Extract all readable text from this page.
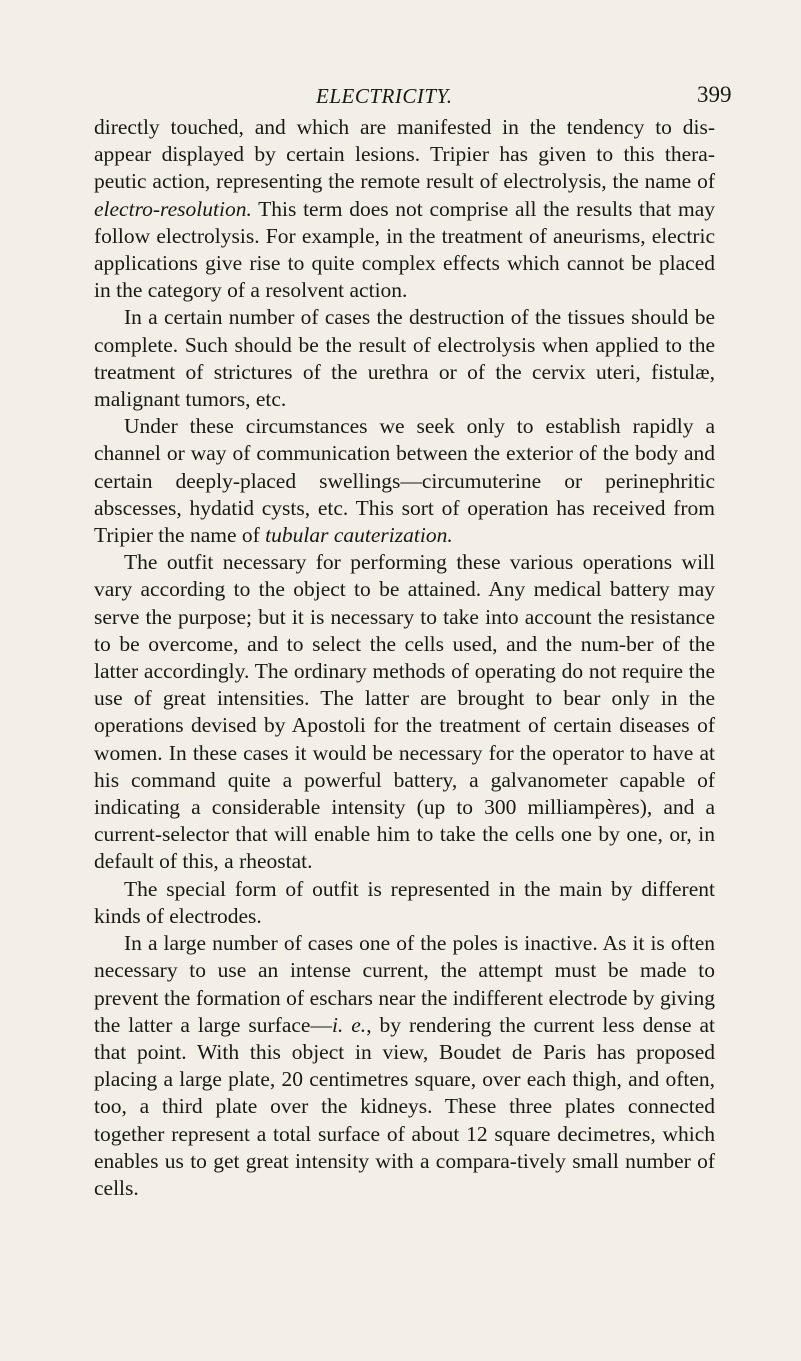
ELECTRICITY.	399

directly touched, and which are manifested in the tendency to dis-appear displayed by certain lesions. Tripier has given to this thera-peutic action, representing the remote result of electrolysis, the name of electro-resolution. This term does not comprise all the results that may follow electrolysis. For example, in the treatment of aneurisms, electric applications give rise to quite complex effects which cannot be placed in the category of a resolvent action.

In a certain number of cases the destruction of the tissues should be complete. Such should be the result of electrolysis when applied to the treatment of strictures of the urethra or of the cervix uteri, fistulæ, malignant tumors, etc.

Under these circumstances we seek only to establish rapidly a channel or way of communication between the exterior of the body and certain deeply-placed swellings—circumuterine or perinephritic abscesses, hydatid cysts, etc. This sort of operation has received from Tripier the name of tubular cauterization.

The outfit necessary for performing these various operations will vary according to the object to be attained. Any medical battery may serve the purpose; but it is necessary to take into account the resistance to be overcome, and to select the cells used, and the num-ber of the latter accordingly. The ordinary methods of operating do not require the use of great intensities. The latter are brought to bear only in the operations devised by Apostoli for the treatment of certain diseases of women. In these cases it would be necessary for the operator to have at his command quite a powerful battery, a galvanometer capable of indicating a considerable intensity (up to 300 milliampères), and a current-selector that will enable him to take the cells one by one, or, in default of this, a rheostat.

The special form of outfit is represented in the main by different kinds of electrodes.

In a large number of cases one of the poles is inactive. As it is often necessary to use an intense current, the attempt must be made to prevent the formation of eschars near the indifferent electrode by giving the latter a large surface—i. e., by rendering the current less dense at that point. With this object in view, Boudet de Paris has proposed placing a large plate, 20 centimetres square, over each thigh, and often, too, a third plate over the kidneys. These three plates connected together represent a total surface of about 12 square decimetres, which enables us to get great intensity with a compara-tively small number of cells.
